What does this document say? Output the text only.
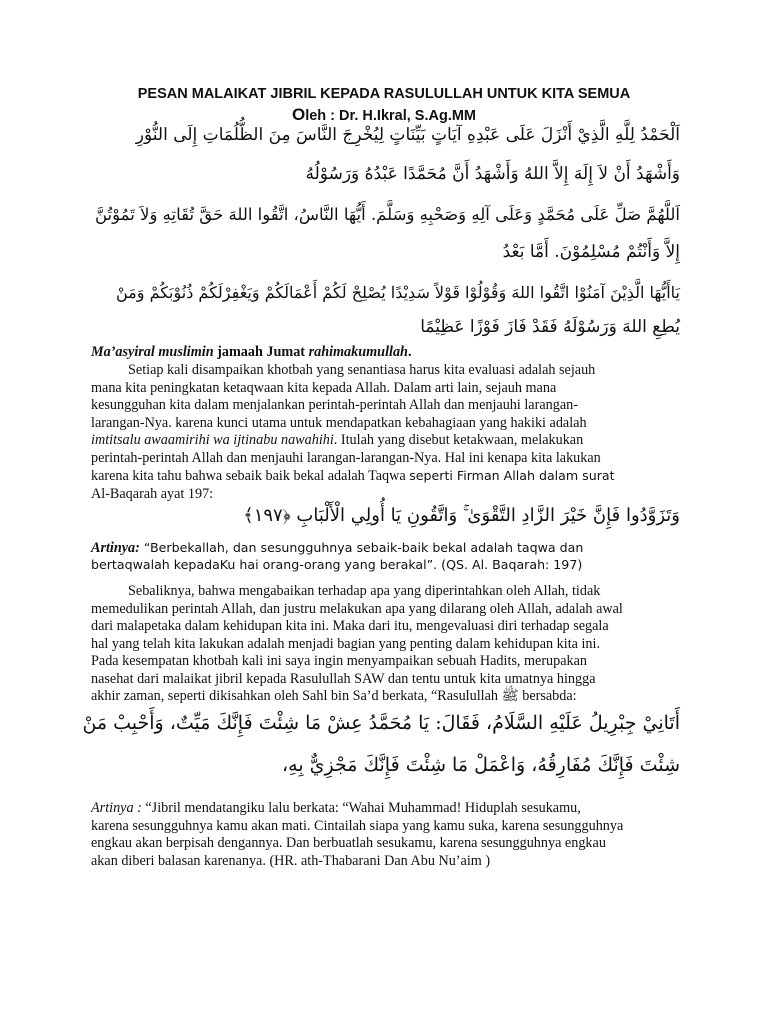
PESAN MALAIKAT JIBRIL KEPADA RASULULLAH UNTUK KITA SEMUA
Oleh : Dr. H.Ikral, S.Ag.MM
اَلْحَمْدُ لِلَّهِ الَّذِيْ أَنْزَلَ عَلَى عَبْدِهِ آيَاتٍ بَيِّنَاتٍ لِيُخْرِجَ النَّاسَ مِنَ الظُّلُمَاتِ إِلَى النُّوْرِ
وَأَشْهَدُ أَنْ لاَ إِلَهَ إِلاَّ اللهُ وَأَشْهَدُ أَنَّ مُحَمَّدًا عَبْدُهُ وَرَسُوْلُهُ
اَللَّهُمَّ صَلِّ عَلَى مُحَمَّدٍ وَعَلَى آلِهِ وَصَحْبِهِ وَسَلَّمَ. أَيُّهَا النَّاسُ، اتَّقُوا اللهَ حَقَّ تُقَاتِهِ وَلاَ تَمُوْتُنَّ
إِلاَّ وَأَنْتُمْ مُسْلِمُوْنَ. أَمَّا بَعْدُ
يَاأَيُّهَا الَّذِيْنَ آمَنُوْا اتَّقُوا اللهَ وَقُوْلُوْا قَوْلاً سَدِيْدًا يُصْلِحْ لَكُمْ أَعْمَالَكُمْ وَيَغْفِرْلَكُمْ ذُنُوْبَكُمْ وَمَنْ
يُطِعِ اللهَ وَرَسُوْلَهُ فَقَدْ فَازَ فَوْزًا عَظِيْمًا
Ma’asyiral muslimin jamaah Jumat rahimakumullah.
Setiap kali disampaikan khotbah yang senantiasa harus kita evaluasi adalah sejauh
mana kita peningkatan ketaqwaan kita kepada Allah. Dalam arti lain, sejauh mana
kesungguhan kita dalam menjalankan perintah-perintah Allah dan menjauhi larangan-
larangan-Nya. karena kunci utama untuk mendapatkan kebahagiaan yang hakiki adalah
imtitsalu awaamirihi wa ijtinabu nawahihi. Itulah yang disebut ketakwaan, melakukan
perintah-perintah Allah dan menjauhi larangan-larangan-Nya. Hal ini kenapa kita lakukan
karena kita tahu bahwa sebaik baik bekal adalah Taqwa seperti Firman Allah dalam surat
Al-Baqarah ayat 197:
وَتَزَوَّدُوا فَإِنَّ خَيْرَ الزَّادِ التَّقْوَىٰ ۚ وَاتَّقُونِ يَا أُولِي الْأَلْبَابِ ﴿١٩٧﴾
Artinya: “Berbekallah, dan sesungguhnya sebaik-baik bekal adalah taqwa dan
bertaqwalah kepadaKu hai orang-orang yang berakal”. (QS. Al. Baqarah: 197)
Sebaliknya, bahwa mengabaikan terhadap apa yang diperintahkan oleh Allah, tidak
memedulikan perintah Allah, dan justru melakukan apa yang dilarang oleh Allah, adalah awal
dari malapetaka dalam kehidupan kita ini. Maka dari itu, mengevaluasi diri terhadap segala
hal yang telah kita lakukan adalah menjadi bagian yang penting dalam kehidupan kita ini.
Pada kesempatan khotbah kali ini saya ingin menyampaikan sebuah Hadits, merupakan
nasehat dari malaikat jibril kepada Rasulullah SAW dan tentu untuk kita umatnya hingga
akhir zaman, seperti dikisahkan oleh Sahl bin Sa’d berkata, “Rasulullah ﷺ bersabda:
أَتَانِيْ جِبْرِيلُ عَلَيْهِ السَّلَامُ، فَقَالَ: يَا مُحَمَّدُ عِشْ مَا شِئْتَ فَإِنَّكَ مَيِّتٌ، وَأَحْبِبْ مَنْ
شِئْتَ فَإِنَّكَ مُفَارِقُهُ، وَاعْمَلْ مَا شِئْتَ فَإِنَّكَ مَجْزِيٌّ بِهِ،
Artinya : “Jibril mendatangiku lalu berkata: “Wahai Muhammad! Hiduplah sesukamu,
karena sesungguhnya kamu akan mati. Cintailah siapa yang kamu suka, karena sesungguhnya
engkau akan berpisah dengannya. Dan berbuatlah sesukamu, karena sesungguhnya engkau
akan diberi balasan karenanya. (HR. ath-Thabarani Dan Abu Nu’aim )
